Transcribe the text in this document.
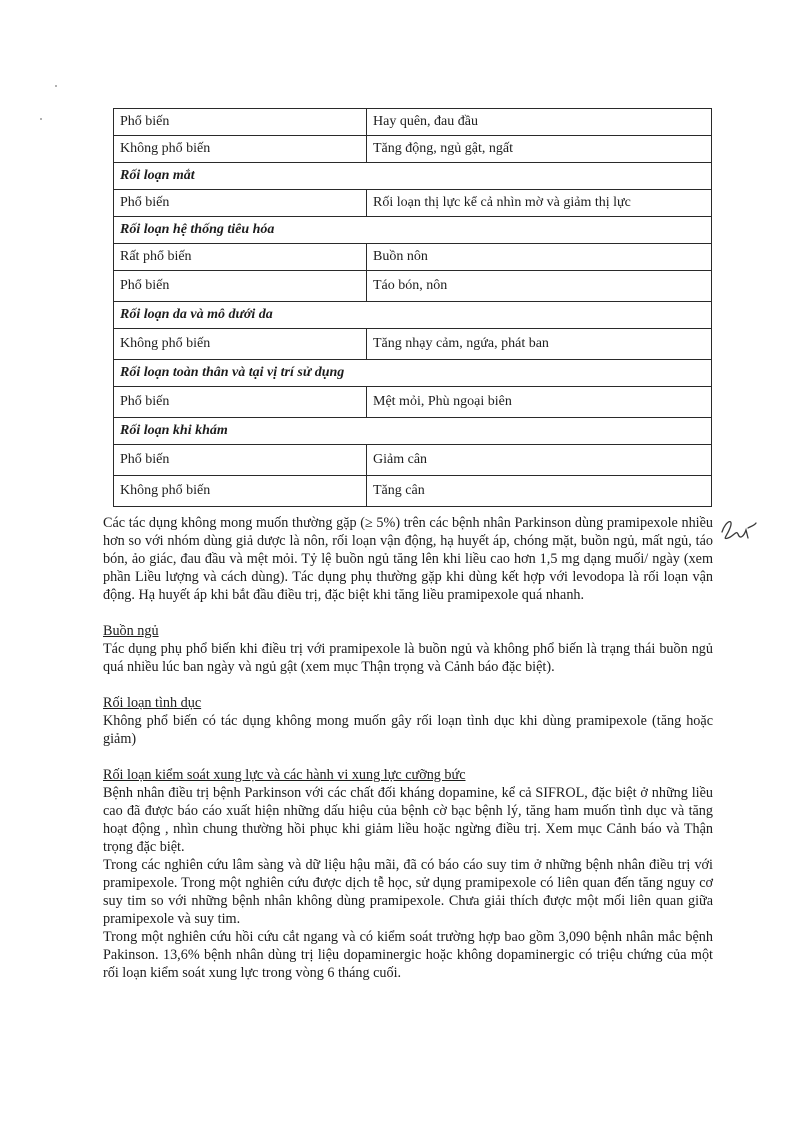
Phổ biến	Hay quên, đau đầu
Không phổ biến	Tăng động, ngủ gật, ngất
Rối loạn mắt	
Phổ biến	Rối loạn thị lực kể cả nhìn mờ và giảm thị lực
Rối loạn hệ thống tiêu hóa	
Rất phổ biến	Buồn nôn
Phổ biến	Táo bón, nôn
Rối loạn da và mô dưới da	
Không phổ biến	Tăng nhạy cảm, ngứa, phát ban
Rối loạn toàn thân và tại vị trí sử dụng	
Phổ biến	Mệt mỏi, Phù ngoại biên
Rối loạn khi khám	
Phổ biến	Giảm cân
Không phổ biến	Tăng cân

Các tác dụng không mong muốn thường gặp (≥ 5%) trên các bệnh nhân Parkinson dùng pramipexole nhiều hơn so với nhóm dùng giả dược là nôn, rối loạn vận động, hạ huyết áp, chóng mặt, buồn ngủ, mất ngủ, táo bón, ảo giác, đau đầu và mệt mỏi. Tỷ lệ buồn ngủ tăng lên khi liều cao hơn 1,5 mg dạng muối/ ngày (xem phần Liều lượng và cách dùng). Tác dụng phụ thường gặp khi dùng kết hợp với levodopa là rối loạn vận động. Hạ huyết áp khi bắt đầu điều trị, đặc biệt khi tăng liều pramipexole quá nhanh.

Buồn ngủ
Tác dụng phụ phổ biến khi điều trị với pramipexole là buồn ngủ và không phổ biến là trạng thái buồn ngủ quá nhiều lúc ban ngày và ngủ gật (xem mục Thận trọng và Cảnh báo đặc biệt).

Rối loạn tình dục
Không phổ biến có tác dụng không mong muốn gây rối loạn tình dục khi dùng pramipexole (tăng hoặc giảm)

Rối loạn kiểm soát xung lực và các hành vi xung lực cưỡng bức
Bệnh nhân điều trị bệnh Parkinson với các chất đối kháng dopamine, kể cả SIFROL, đặc biệt ở những liều cao đã được báo cáo xuất hiện những dấu hiệu của bệnh cờ bạc bệnh lý, tăng ham muốn tình dục và tăng hoạt động , nhìn chung thường hồi phục khi giảm liều hoặc ngừng điều trị. Xem mục Cảnh báo và Thận trọng đặc biệt.

Trong các nghiên cứu lâm sàng và dữ liệu hậu mãi, đã có báo cáo suy tim ở những bệnh nhân điều trị với pramipexole. Trong một nghiên cứu được dịch tễ học, sử dụng pramipexole có liên quan đến tăng nguy cơ suy tim so với những bệnh nhân không dùng pramipexole. Chưa giải thích được một mối liên quan giữa pramipexole và suy tim.

Trong một nghiên cứu hồi cứu cắt ngang và có kiểm soát trường hợp bao gồm 3,090 bệnh nhân mắc bệnh Pakinson. 13,6% bệnh nhân dùng trị liệu dopaminergic hoặc không dopaminergic có triệu chứng của một rối loạn kiểm soát xung lực trong vòng 6 tháng cuối.
